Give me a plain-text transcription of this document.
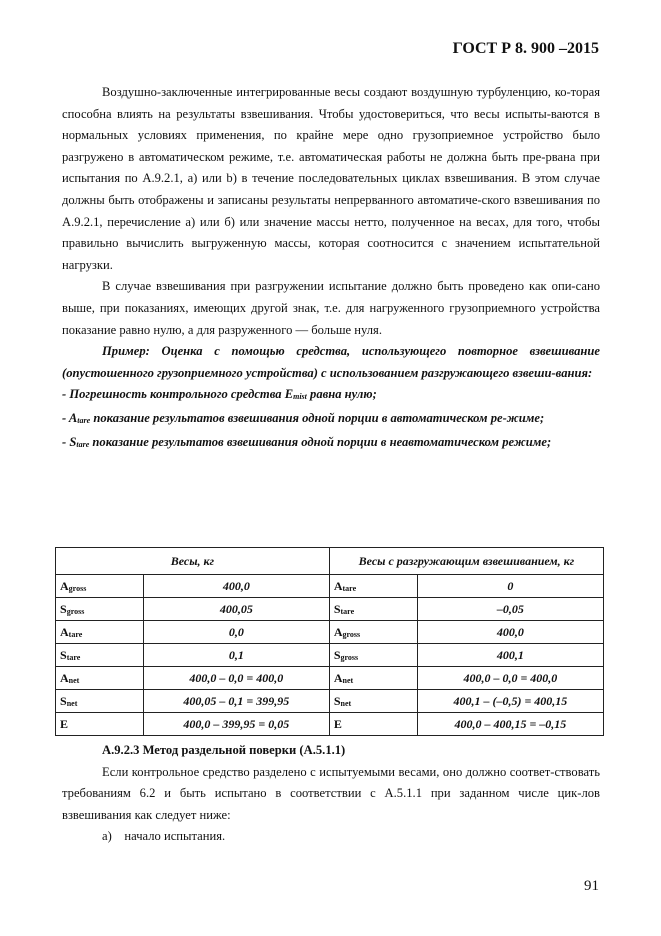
ГОСТ Р 8. 900 –2015

Воздушно-заключенные интегрированные весы создают воздушную турбуленцию, ко-торая способна влиять на результаты взвешивания. Чтобы удостовериться, что весы испыты-ваются в нормальных условиях применения, по крайне мере одно грузоприемное устройство было разгружено в автоматическом режиме, т.е. автоматическая работы не должна быть пре-рвана при испытания по А.9.2.1, а) или b) в течение последовательных циклах взвешивания. В этом случае должны быть отображены и записаны результаты непрерванного автоматиче-ского взвешивания по А.9.2.1, перечисление а) или б) или значение массы нетто, полученное на весах, для того, чтобы правильно вычислить выгруженную массы, которая соотносится с значением испытательной нагрузки.

В случае взвешивания при разгружении испытание должно быть проведено как опи-сано выше, при показаниях, имеющих другой знак, т.е. для нагруженного грузоприемного устройства показание равно нулю, а для разруженного — больше нуля.

Пример: Оценка с помощью средства, использующего повторное взвешивание (опустошенного грузоприемного устройства) с использованием разгружающего взвеши-вания:

- Погрешность контрольного средства Emist равна нулю;

- Atare показание результатов взвешивания одной порции в автоматическом ре-жиме;

- Stare показание результатов взвешивания одной порции в неавтоматическом режиме;

Весы, кг		Весы с разгружающим взвешиванием, кг	
Agross	400,0	Atare	0
Sgross	400,05	Stare	–0,05
Atare	0,0	Agross	400,0
Stare	0,1	Sgross	400,1
Anet	400,0 – 0,0 = 400,0	Anet	400,0 – 0,0 = 400,0
Snet	400,05 – 0,1 = 399,95	Snet	400,1 – (–0,5) = 400,15
E	400,0 – 399,95 = 0,05	E	400,0 – 400,15 = –0,15

А.9.2.3 Метод раздельной поверки (А.5.1.1)

Если контрольное средство разделено с испытуемыми весами, оно должно соответ-ствовать требованиям 6.2 и быть испытано в соответствии с А.5.1.1 при заданном числе цик-лов взвешивания как следует ниже:

а) начало испытания.

91
